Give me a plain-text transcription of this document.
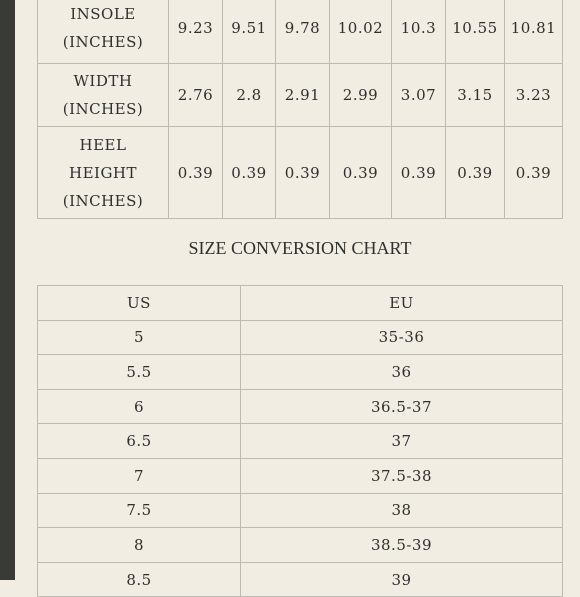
INSOLE
(INCHES)	9.23	9.51	9.78	10.02	10.3	10.55	10.81
WIDTH
(INCHES)	2.76	2.8	2.91	2.99	3.07	3.15	3.23
HEEL
HEIGHT
(INCHES)	0.39	0.39	0.39	0.39	0.39	0.39	0.39
SIZE CONVERSION CHART
US	EU
5	35-36
5.5	36
6	36.5-37
6.5	37
7	37.5-38
7.5	38
8	38.5-39
8.5	39
